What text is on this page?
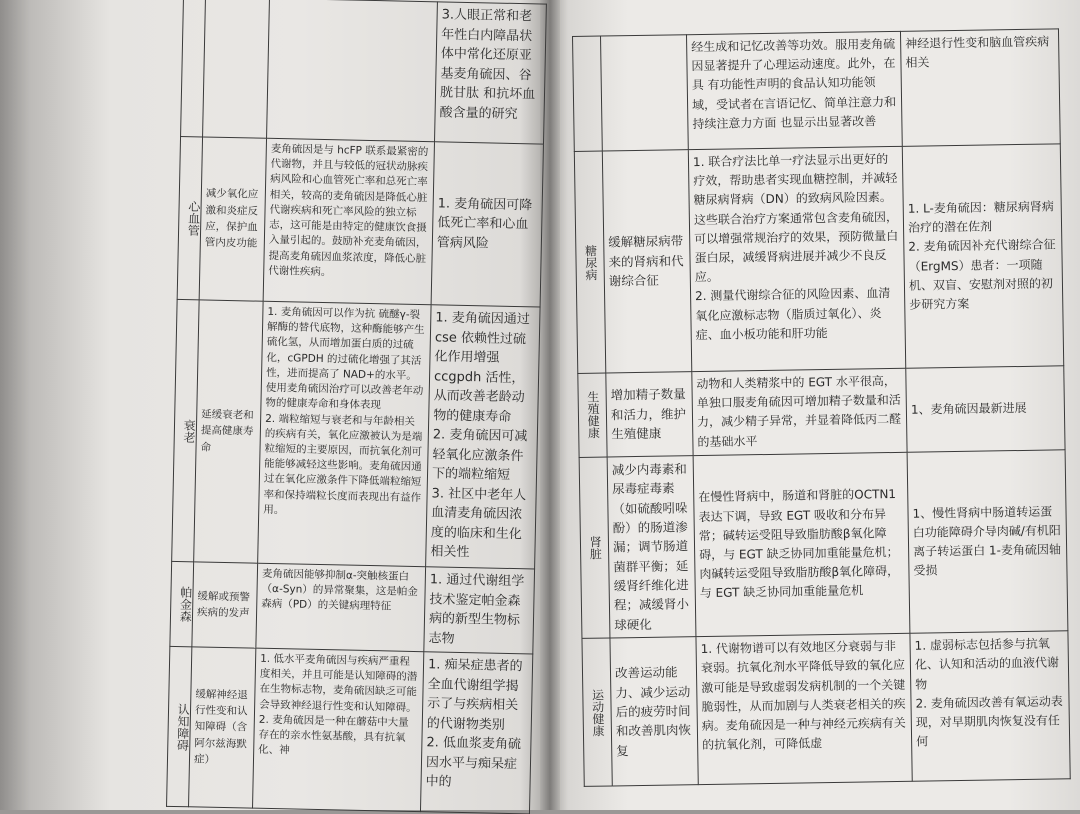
			3.人眼正常和老年性白内障晶状体中常化还原亚基麦角硫因、谷胱甘肽 和抗坏血酸含量的研究

心血管	减少氧化应激和炎症反应，保护血管内皮功能	麦角硫因是与 hcFP 联系最紧密的代谢物，并且与较低的冠状动脉疾病风险和心血管死亡率和总死亡率相关，较高的麦角硫因是降低心脏代谢疾病和死亡率风险的独立标志，这可能是由特定的健康饮食摄入量引起的。鼓励补充麦角硫因，提高麦角硫因血浆浓度，降低心脏代谢性疾病。	1. 麦角硫因可降低死亡率和心血管病风险

衰老	延缓衰老和提高健康寿命	1. 麦角硫因可以作为抗 硫醚γ-裂解酶的替代底物，这种酶能够产生硫化氢，从而增加蛋白质的过硫化，cGPDH 的过硫化增强了其活性，进而提高了 NAD+的水平。使用麦角硫因治疗可以改善老年动物的健康寿命和身体表现
2. 端粒缩短与衰老和与年龄相关的疾病有关，氧化应激被认为是端粒缩短的主要原因，而抗氧化剂可能能够减轻这些影响。麦角硫因通过在氧化应激条件下降低端粒缩短率和保持端粒长度而表现出有益作用。	1. 麦角硫因通过 cse 依赖性过硫化作用增强 ccgpdh 活性，从而改善老龄动物的健康寿命
2. 麦角硫因可减轻氧化应激条件下的端粒缩短
3. 社区中老年人血清麦角硫因浓度的临床和生化相关性

帕金森	缓解或预警疾病的发声	麦角硫因能够抑制α-突触核蛋白（α-Syn）的异常聚集，这是帕金森病（PD）的关键病理特征	1. 通过代谢组学技术鉴定帕金森病的新型生物标志物

认知障碍	缓解神经退行性变和认知障碍（含阿尔兹海默症）	1. 低水平麦角硫因与疾病严重程度相关，并且可能是认知障碍的潜在生物标志物，麦角硫因缺乏可能会导致神经退行性变和认知障碍。
2. 麦角硫因是一种在蘑菇中大量存在的亲水性氨基酸，具有抗氧化、神	1. 痴呆症患者的全血代谢组学揭示了与疾病相关的代谢物类别
2. 低血浆麦角硫因水平与痴呆症中的
		经生成和记忆改善等功效。服用麦角硫因显著提升了心理运动速度。此外，在具 有功能性声明的食品认知功能领域，受试者在言语记忆、简单注意力和持续注意力方面 也显示出显著改善	神经退行性变和脑血管疾病相关

糖尿病	缓解糖尿病带来的肾病和代谢综合征	1. 联合疗法比单一疗法显示出更好的疗效，帮助患者实现血糖控制，并减轻糖尿病肾病（DN）的致病风险因素。这些联合治疗方案通常包含麦角硫因，可以增强常规治疗的效果，预防微量白蛋白尿，减缓肾病进展并减少不良反应。
2. 测量代谢综合征的风险因素、血清氧化应激标志物（脂质过氧化）、炎症、血小板功能和肝功能	1. L-麦角硫因：糖尿病肾病治疗的潜在佐剂
2. 麦角硫因补充代谢综合征（ErgMS）患者：一项随机、双盲、安慰剂对照的初步研究方案

生殖健康	增加精子数量和活力，维护生殖健康	动物和人类精浆中的 EGT 水平很高，单独口服麦角硫因可增加精子数量和活力，减少精子异常，并显着降低丙二醛的基础水平	1、麦角硫因最新进展

肾脏	减少内毒素和尿毒症毒素（如硫酸吲哚酚）的肠道渗漏；调节肠道菌群平衡；延缓肾纤维化进程；减缓肾小球硬化	在慢性肾病中，肠道和肾脏的OCTN1表达下调，导致 EGT 吸收和分布异常；碱转运受阻导致脂肪酸β氧化障碍，与 EGT 缺乏协同加重能量危机；肉碱转运受阻导致脂肪酸β氧化障碍，与 EGT 缺乏协同加重能量危机	1、慢性肾病中肠道转运蛋白功能障碍介导肉碱/有机阳离子转运蛋白 1-麦角硫因轴受损

运动健康	改善运动能力、减少运动后的疲劳时间和改善肌肉恢复	1. 代谢物谱可以有效地区分衰弱与非衰弱。抗氧化剂水平降低导致的氧化应激可能是导致虚弱发病机制的一个关键脆弱性，从而加剧与人类衰老相关的疾病。麦角硫因是一种与神经元疾病有关的抗氧化剂，可降低虚	1. 虚弱标志包括参与抗氧化、认知和活动的血液代谢物
2. 麦角硫因改善有氧运动表现，对早期肌肉恢复没有任何
